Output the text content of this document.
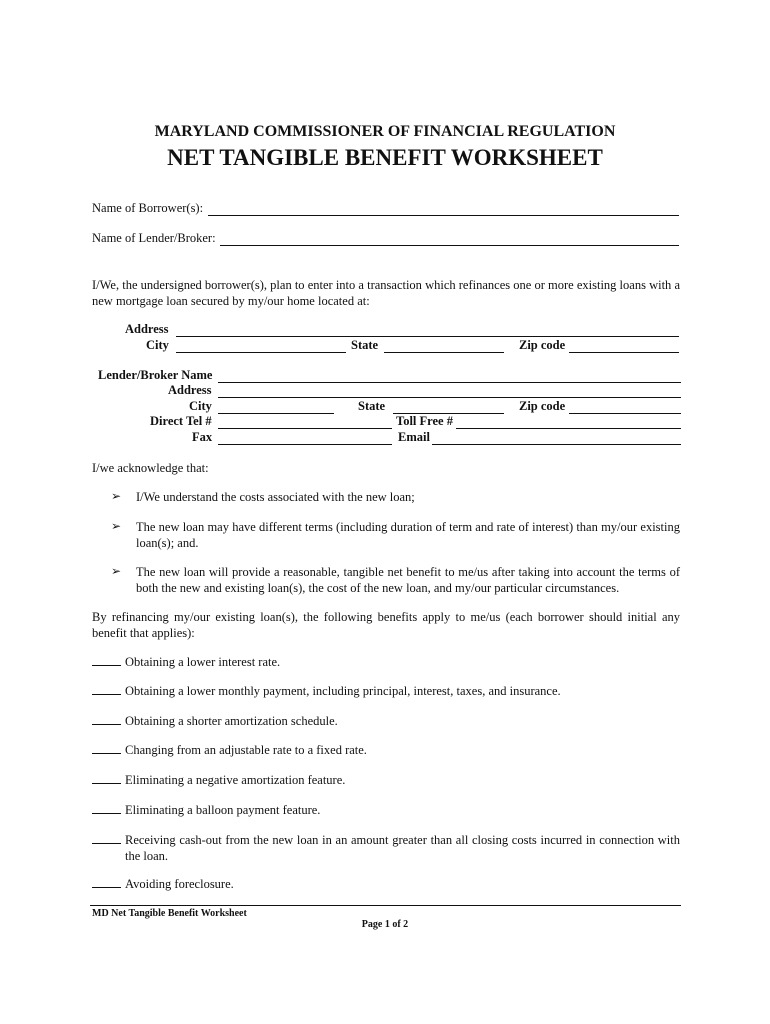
MARYLAND COMMISSIONER OF FINANCIAL REGULATION
NET TANGIBLE BENEFIT WORKSHEET
Name of Borrower(s):
Name of Lender/Broker:
I/We, the undersigned borrower(s), plan to enter into a transaction which refinances one or more existing loans with a new mortgage loan secured by my/our home located at:
Address
City	State	Zip code
Lender/Broker Name
Address
City	State	Zip code
Direct Tel #	Toll Free #
Fax	Email
I/we acknowledge that:
➢ I/We understand the costs associated with the new loan;
➢ The new loan may have different terms (including duration of term and rate of interest) than my/our existing loan(s); and.
➢ The new loan will provide a reasonable, tangible net benefit to me/us after taking into account the terms of both the new and existing loan(s), the cost of the new loan, and my/our particular circumstances.
By refinancing my/our existing loan(s), the following benefits apply to me/us (each borrower should initial any benefit that applies):
Obtaining a lower interest rate.
Obtaining a lower monthly payment, including principal, interest, taxes, and insurance.
Obtaining a shorter amortization schedule.
Changing from an adjustable rate to a fixed rate.
Eliminating a negative amortization feature.
Eliminating a balloon payment feature.
Receiving cash-out from the new loan in an amount greater than all closing costs incurred in connection with the loan.
Avoiding foreclosure.
MD Net Tangible Benefit Worksheet
Page 1 of 2
